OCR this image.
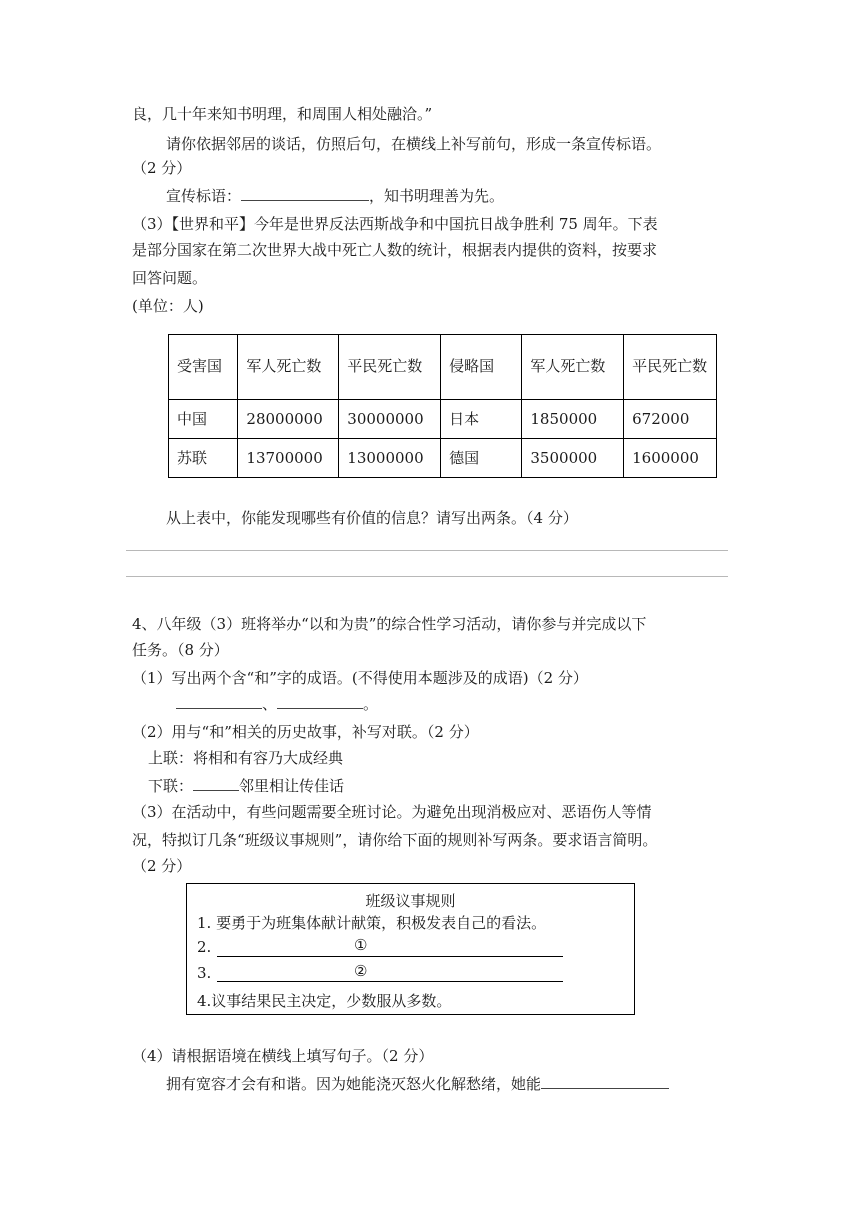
良，几十年来知书明理，和周围人相处融洽。”
请你依据邻居的谈话，仿照后句，在横线上补写前句，形成一条宣传标语。
（2 分）
宣传标语：	，知书明理善为先。
（3）【世界和平】今年是世界反法西斯战争和中国抗日战争胜利 75 周年。下表
是部分国家在第二次世界大战中死亡人数的统计，根据表内提供的资料，按要求
回答问题。
(单位：人)
受害国	军人死亡数	平民死亡数	侵略国	军人死亡数	平民死亡数
中国	28000000	30000000	日本	1850000	672000
苏联	13700000	13000000	德国	3500000	1600000
从上表中，你能发现哪些有价值的信息？请写出两条。（4 分）
4、八年级（3）班将举办“以和为贵”的综合性学习活动，请你参与并完成以下
任务。（8 分）
（1）写出两个含“和”字的成语。(不得使用本题涉及的成语)（2 分）
、	。
（2）用与“和”相关的历史故事，补写对联。（2 分）
上联：将相和有容乃大成经典
下联：	邻里相让传佳话
（3）在活动中，有些问题需要全班讨论。为避免出现消极应对、恶语伤人等情
况，特拟订几条“班级议事规则”，请你给下面的规则补写两条。要求语言简明。
（2 分）
班级议事规则
1. 要勇于为班集体献计献策，积极发表自己的看法。
2.	①
3.	②
4.议事结果民主决定，少数服从多数。
（4）请根据语境在横线上填写句子。（2 分）
拥有宽容才会有和谐。因为她能浇灭怒火化解愁绪，她能
